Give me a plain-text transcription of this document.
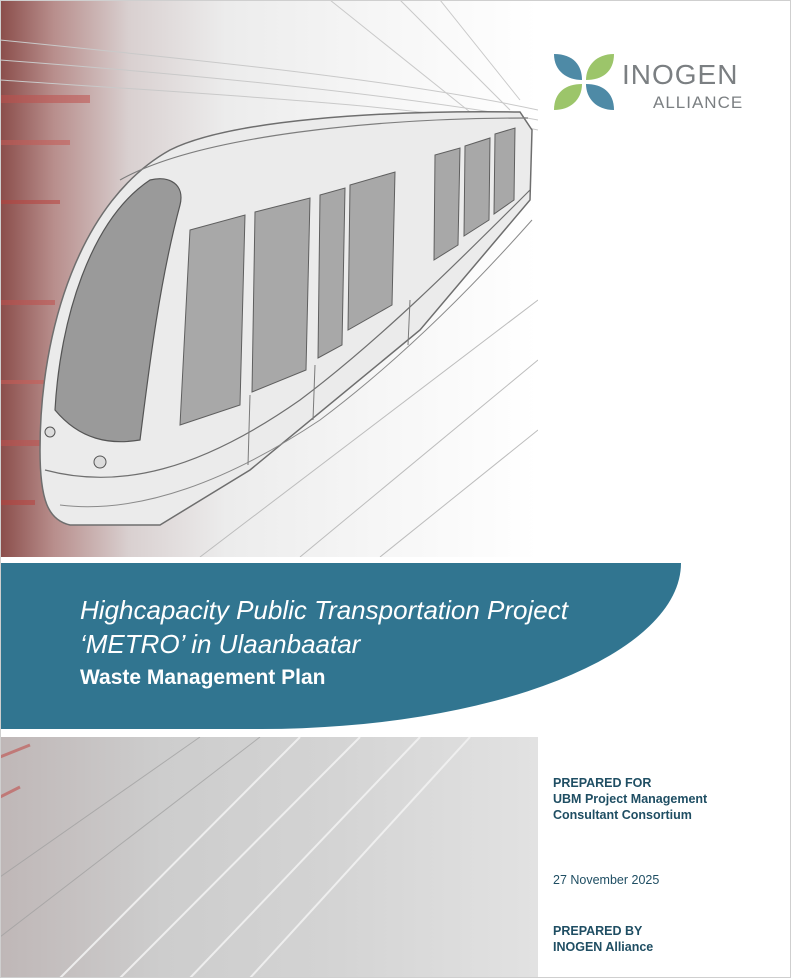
INOGEN
ALLIANCE
Highcapacity Public Transportation Project ‘METRO’ in Ulaanbaatar
Waste Management Plan
PREPARED FOR
UBM Project Management
Consultant Consortium
27 November 2025
PREPARED BY
INOGEN Alliance
